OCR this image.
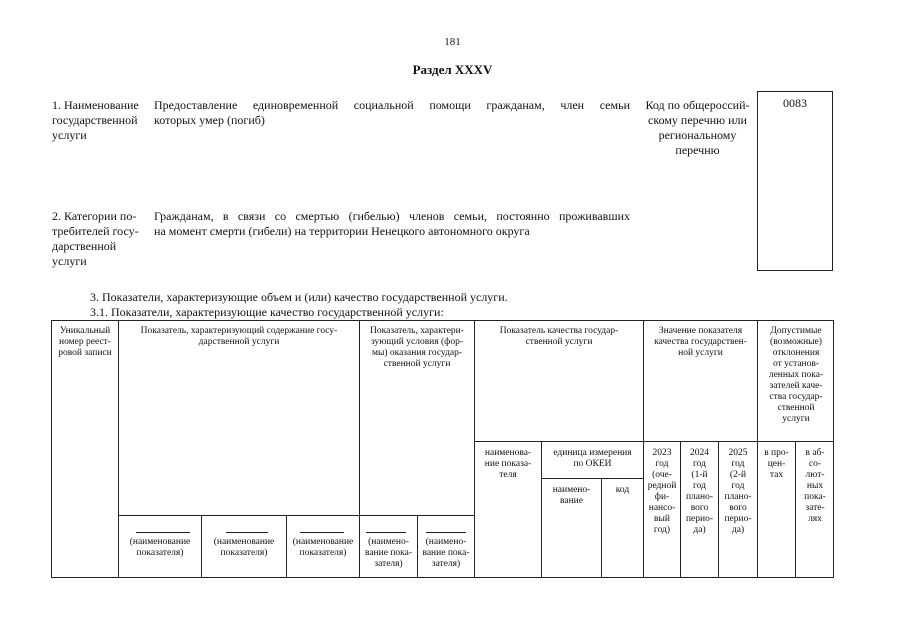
181
Раздел XXXV
1. Наименование
государственной
услуги
Предоставление единовременной социальной помощи гражданам, член семьи
которых умер (погиб)
Код по общероссий-
скому перечню или
региональному
перечню
0083
2. Категории по-
требителей госу-
дарственной
услуги
Гражданам, в связи со смертью (гибелью) членов семьи, постоянно проживавших
на момент смерти (гибели) на территории Ненецкого автономного округа
3. Показатели, характеризующие объем и (или) качество государственной услуги.
3.1. Показатели, характеризующие качество государственной услуги:
Уникальный
номер реест-
ровой записи
Показатель, характеризующий содержание госу-
дарственной услуги
Показатель, характери-
зующий условия (фор-
мы) оказания государ-
ственной услуги
Показатель качества государ-
ственной услуги
Значение показателя
качества государствен-
ной услуги
Допустимые
(возможные)
отклонения
от установ-
ленных пока-
зателей каче-
ства государ-
ственной
услуги
наименова-
ние показа-
теля
единица измерения
по ОКЕИ
наимено-
вание
код
2023
год
(оче-
редной
фи-
нансо-
вый
год)
2024
год
(1-й
год
плано-
вого
перио-
да)
2025
год
(2-й
год
плано-
вого
перио-
да)
в про-
цен-
тах
в аб-
со-
лют-
ных
пока-
зате-
лях
(наименование
показателя)
(наименование
показателя)
(наименование
показателя)
(наимено-
вание пока-
зателя)
(наимено-
вание пока-
зателя)
